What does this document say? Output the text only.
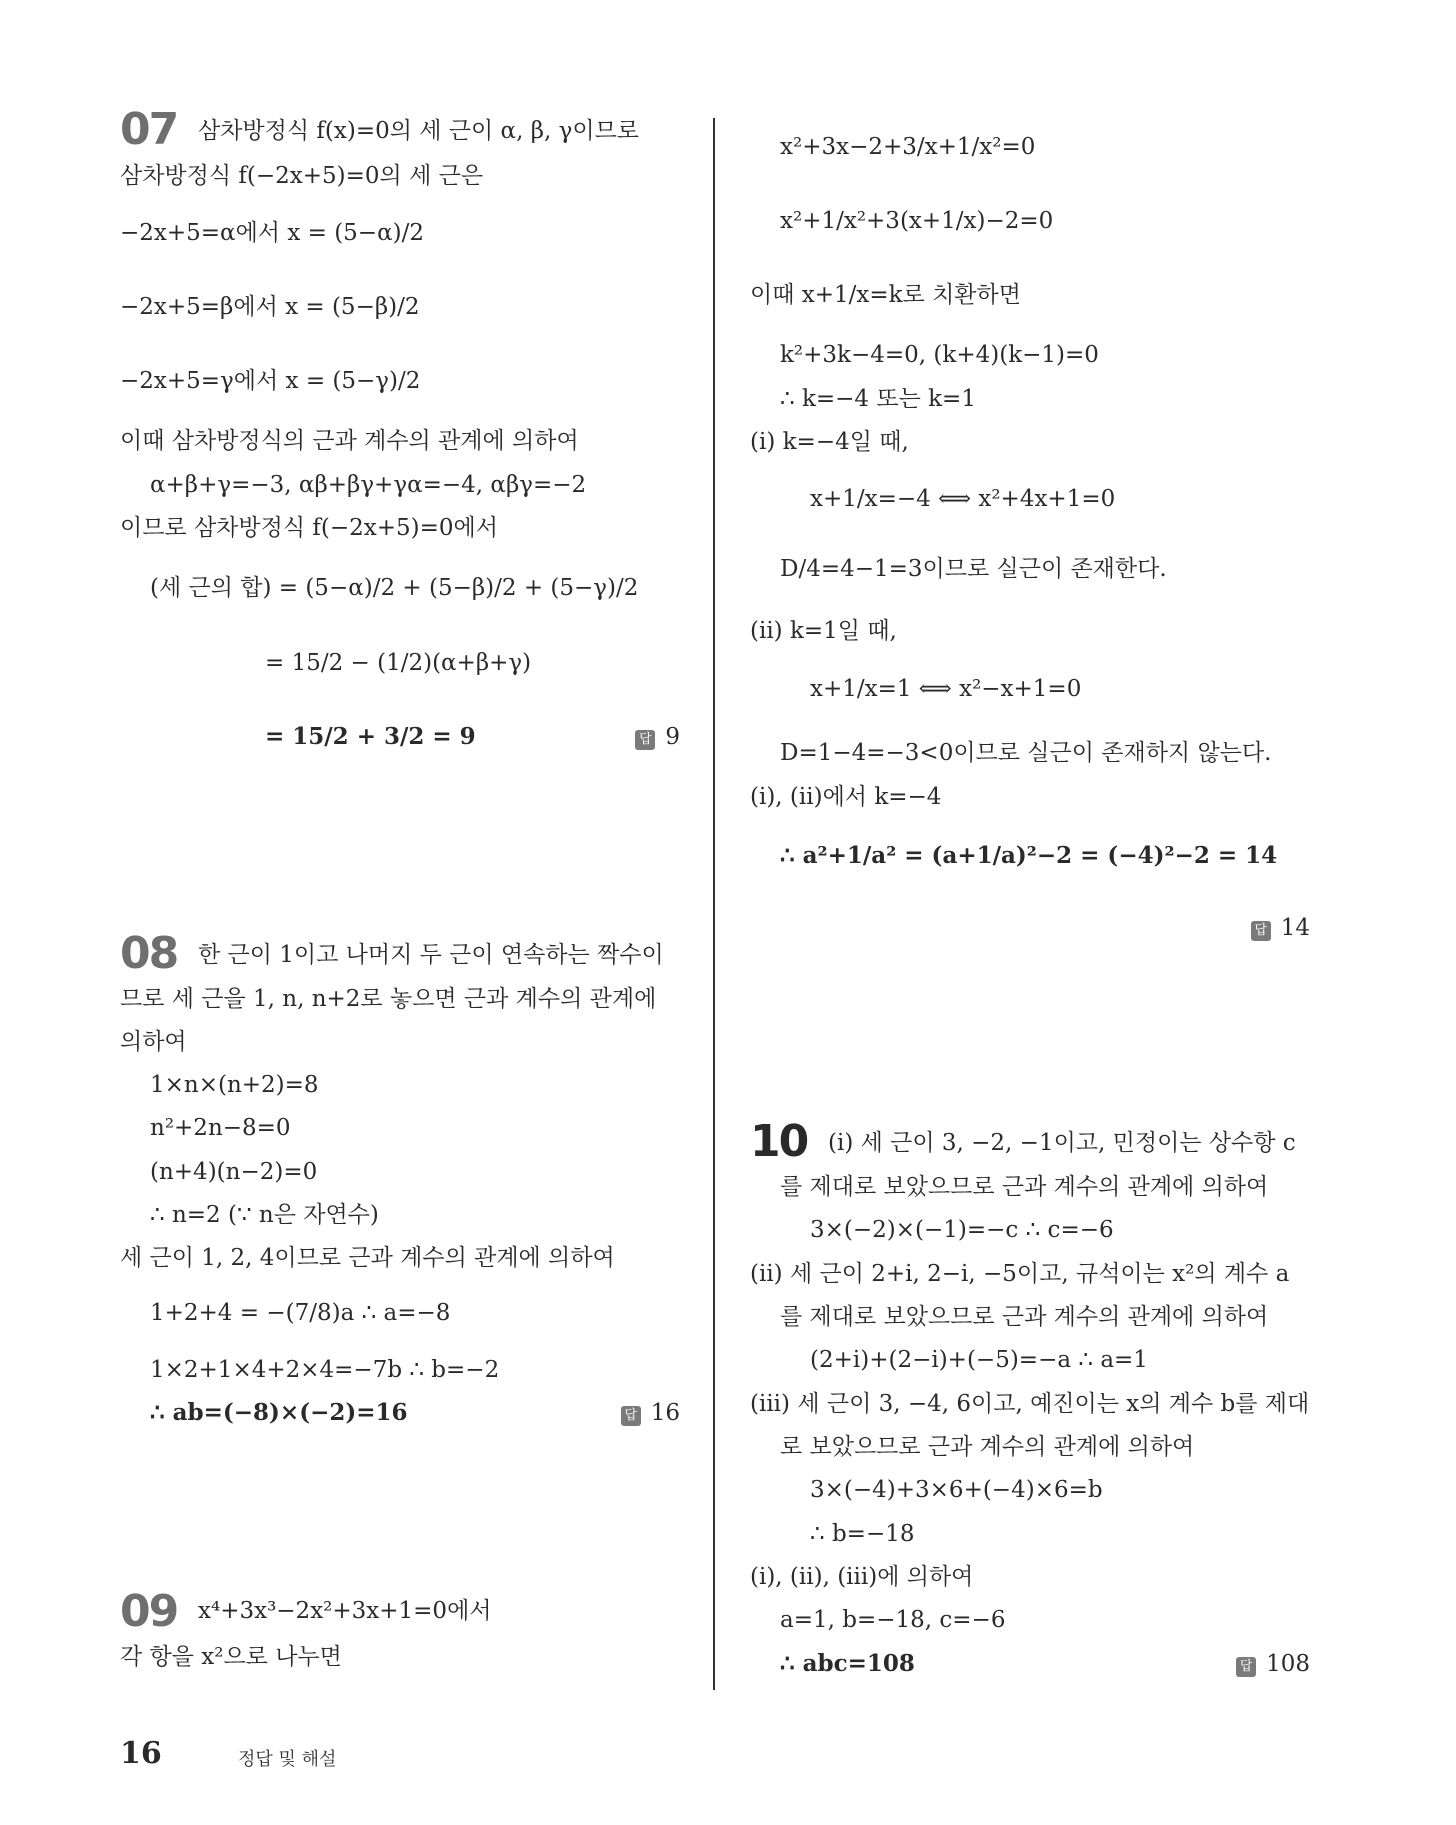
07 삼차방정식 f(x)=0의 세 근이 α, β, γ이므로
삼차방정식 f(−2x+5)=0의 세 근은
−2x+5=α에서 x = (5−α)/2
−2x+5=β에서 x = (5−β)/2
−2x+5=γ에서 x = (5−γ)/2
이때 삼차방정식의 근과 계수의 관계에 의하여
α+β+γ=−3, αβ+βγ+γα=−4, αβγ=−2
이므로 삼차방정식 f(−2x+5)=0에서
(세 근의 합) = (5−α)/2 + (5−β)/2 + (5−γ)/2
= 15/2 − (1/2)(α+β+γ)
= 15/2 + 3/2 = 9	답 9
08 한 근이 1이고 나머지 두 근이 연속하는 짝수이
므로 세 근을 1, n, n+2로 놓으면 근과 계수의 관계에
의하여
1×n×(n+2)=8
n²+2n−8=0
(n+4)(n−2)=0
∴ n=2 (∵ n은 자연수)
세 근이 1, 2, 4이므로 근과 계수의 관계에 의하여
1+2+4 = −(7/8)a ∴ a=−8
1×2+1×4+2×4=−7b ∴ b=−2
∴ ab=(−8)×(−2)=16	답 16
09 x⁴+3x³−2x²+3x+1=0에서
각 항을 x²으로 나누면
x²+3x−2+3/x+1/x²=0
x²+1/x²+3(x+1/x)−2=0
이때 x+1/x=k로 치환하면
k²+3k−4=0, (k+4)(k−1)=0
∴ k=−4 또는 k=1
(i) k=−4일 때,
x+1/x=−4 ⟺ x²+4x+1=0
D/4=4−1=3이므로 실근이 존재한다.
(ii) k=1일 때,
x+1/x=1 ⟺ x²−x+1=0
D=1−4=−3<0이므로 실근이 존재하지 않는다.
(i), (ii)에서 k=−4
∴ a²+1/a² = (a+1/a)²−2 = (−4)²−2 = 14
답 14
10 (i) 세 근이 3, −2, −1이고, 민정이는 상수항 c
를 제대로 보았으므로 근과 계수의 관계에 의하여
3×(−2)×(−1)=−c ∴ c=−6
(ii) 세 근이 2+i, 2−i, −5이고, 규석이는 x²의 계수 a
를 제대로 보았으므로 근과 계수의 관계에 의하여
(2+i)+(2−i)+(−5)=−a ∴ a=1
(iii) 세 근이 3, −4, 6이고, 예진이는 x의 계수 b를 제대
로 보았으므로 근과 계수의 관계에 의하여
3×(−4)+3×6+(−4)×6=b
∴ b=−18
(i), (ii), (iii)에 의하여
a=1, b=−18, c=−6
∴ abc=108	답 108
16	정답 및 해설
